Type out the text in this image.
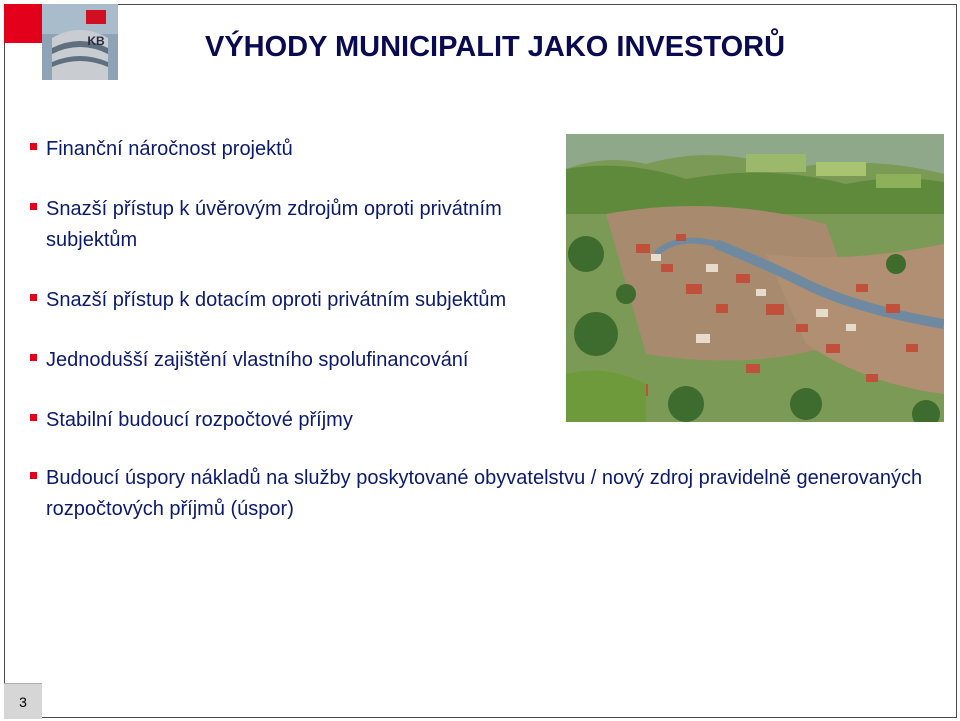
KB	VÝHODY MUNICIPALIT JAKO INVESTORŮ
Finanční náročnost projektů
Snazší přístup k úvěrovým zdrojům oproti privátním subjektům
Snazší přístup k dotacím oproti privátním subjektům
Jednodušší zajištění vlastního spolufinancování
Stabilní budoucí rozpočtové příjmy
Budoucí úspory nákladů na služby poskytované obyvatelstvu / nový zdroj pravidelně generovaných rozpočtových příjmů (úspor)
3
